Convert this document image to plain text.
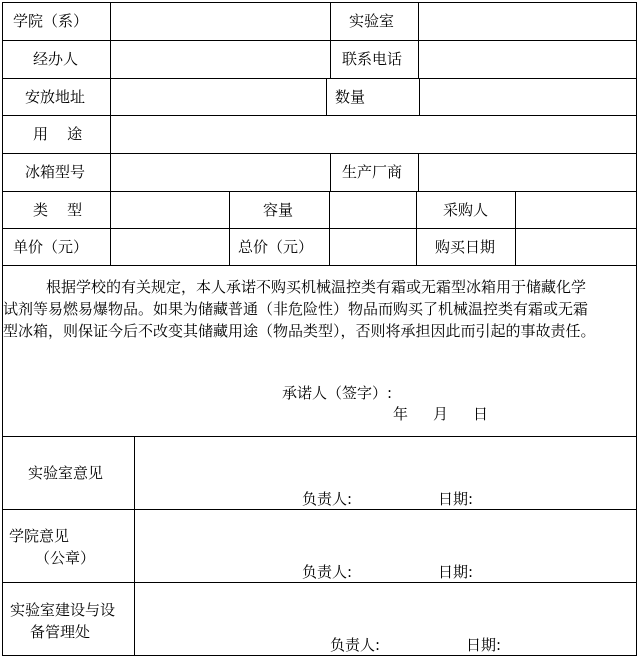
学院（系）	实验室
经办人	联系电话
安放地址	数量
用    途
冰箱型号	生产厂商
类    型	容量	采购人
单价（元）	总价（元）	购买日期
根据学校的有关规定，本人承诺不购买机械温控类有霜或无霜型冰箱用于储藏化学
试剂等易燃易爆物品。如果为储藏普通（非危险性）物品而购买了机械温控类有霜或无霜
型冰箱，则保证今后不改变其储藏用途（物品类型），否则将承担因此而引起的事故责任。
承诺人（签字）:
年 月 日
实验室意见
负责人:	日期:
学院意见
（公章）
负责人:	日期:
实验室建设与设
备管理处
负责人:	日期:
